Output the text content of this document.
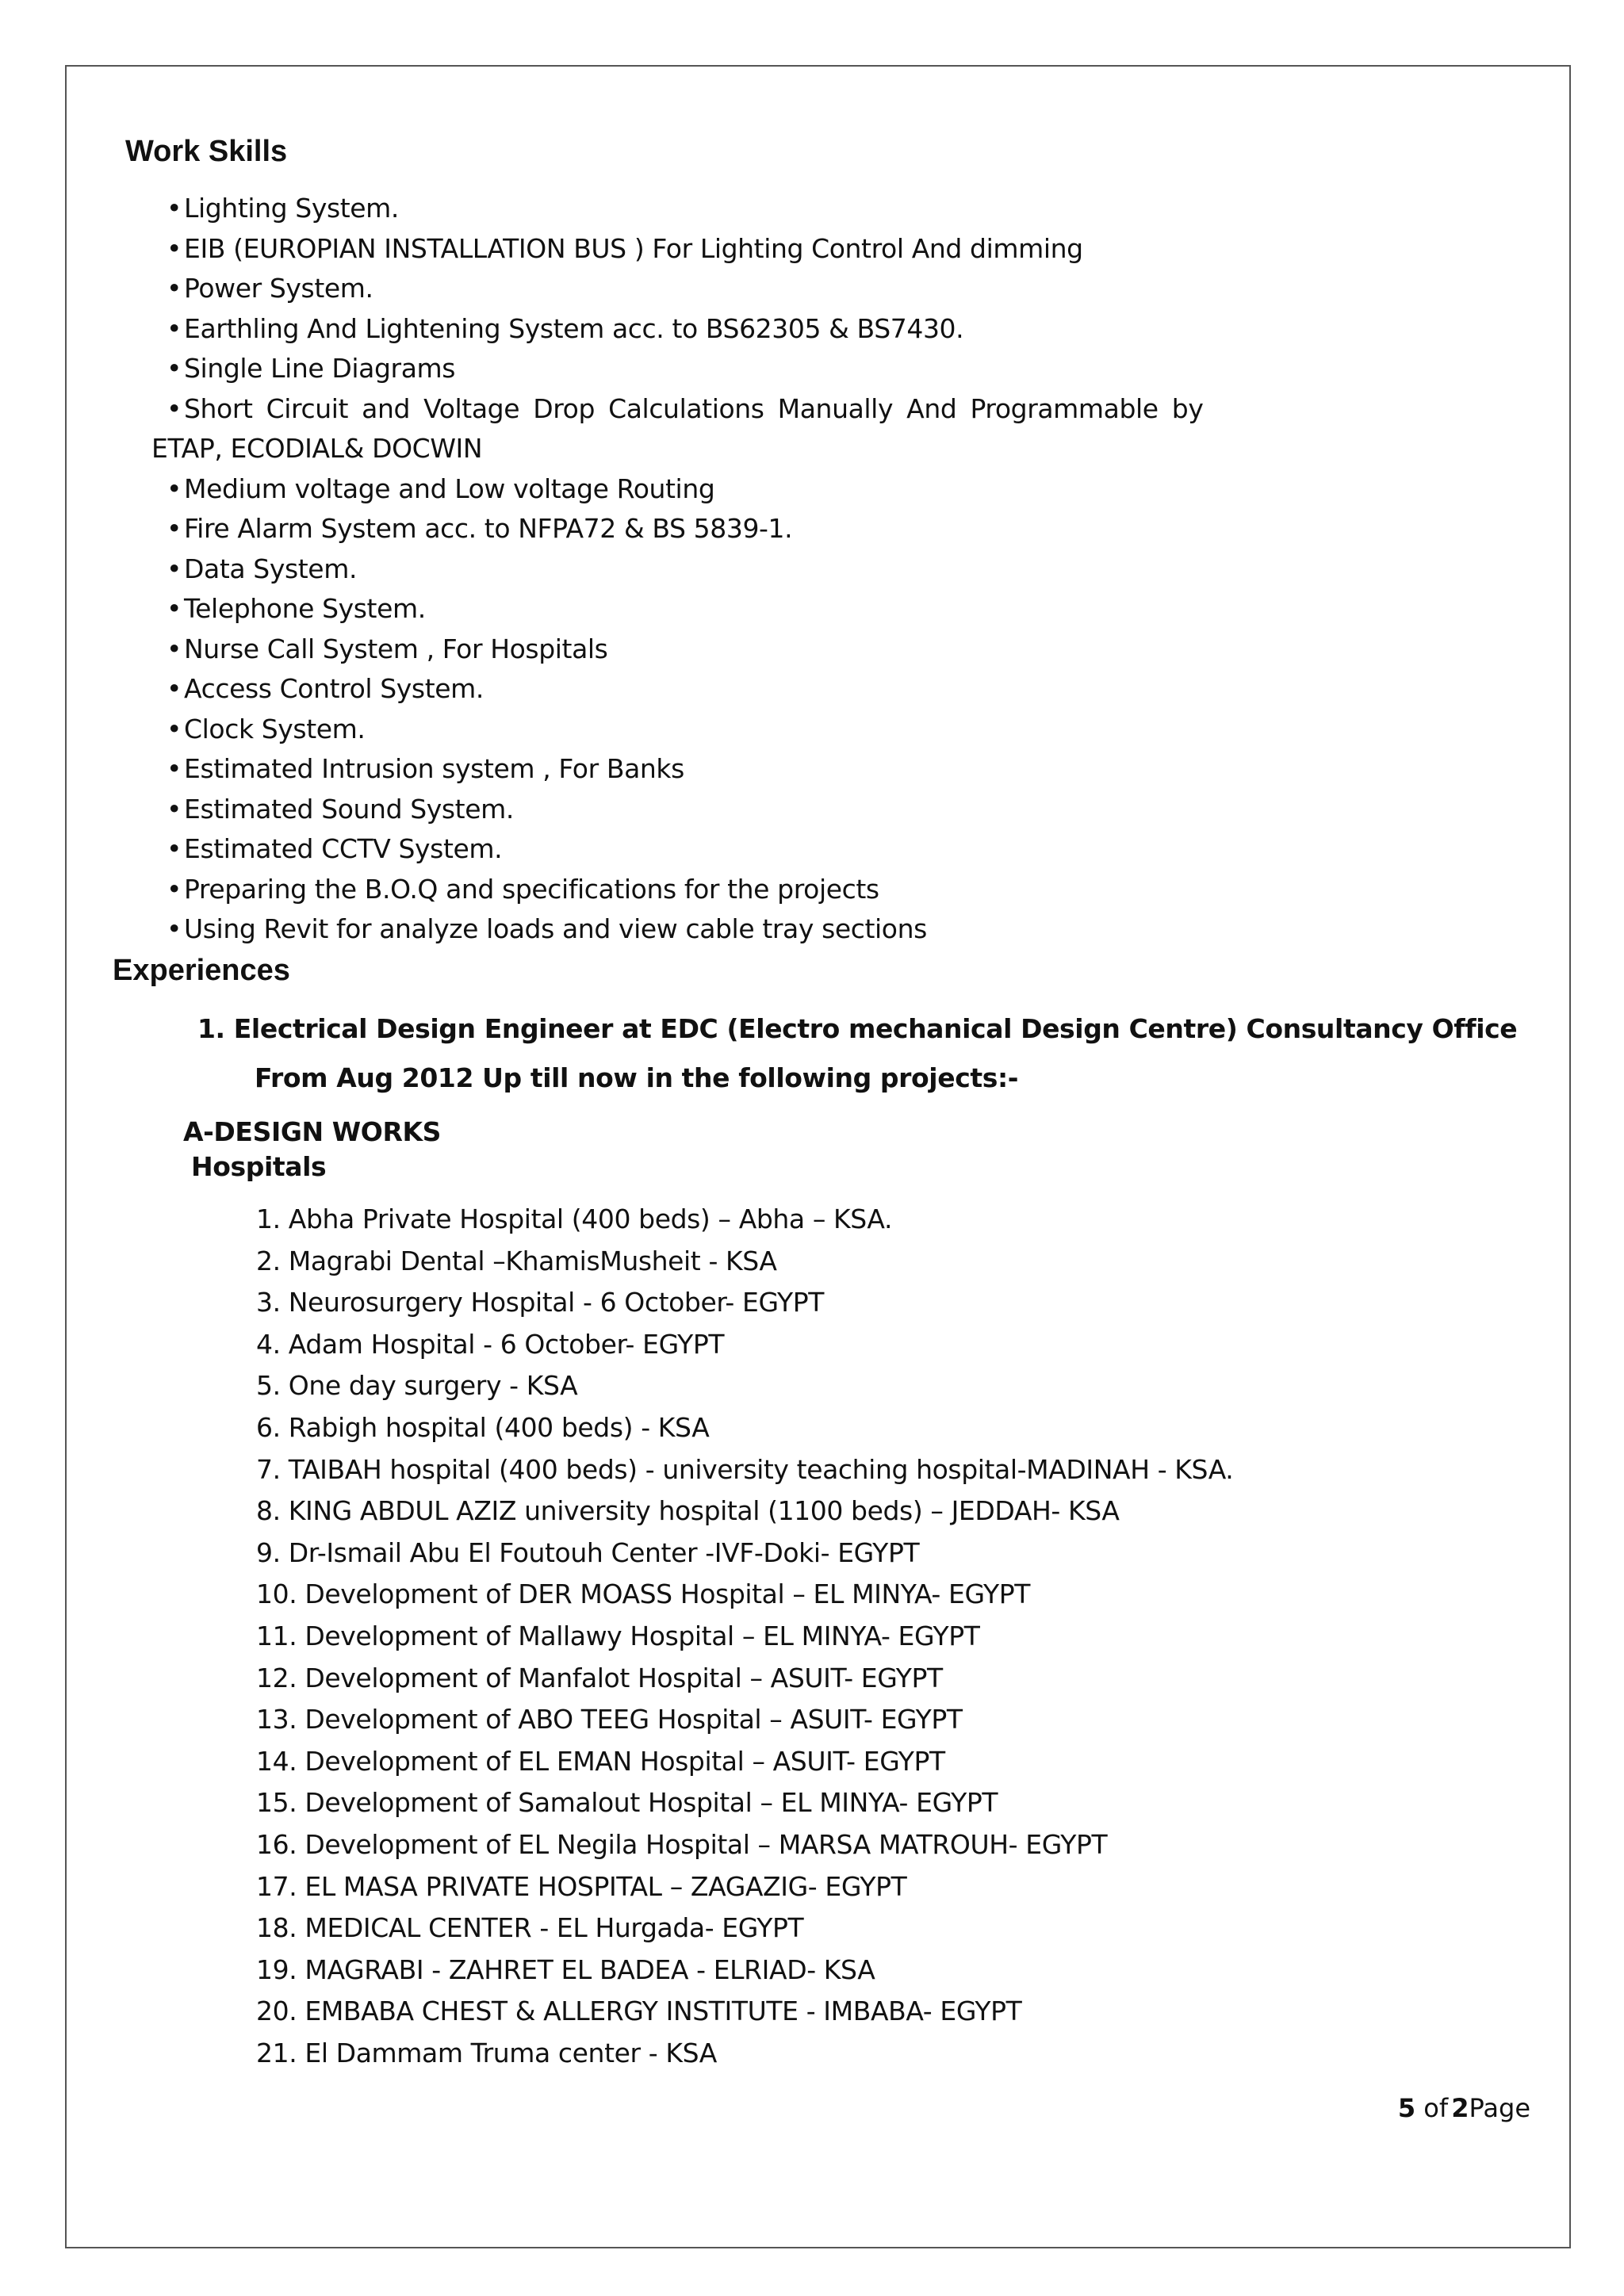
Work Skills
•Lighting System.
•EIB (EUROPIAN INSTALLATION BUS ) For Lighting Control And dimming
•Power System.
•Earthling And Lightening System acc. to BS62305 & BS7430.
•Single Line Diagrams
•Short Circuit and Voltage Drop Calculations Manually And Programmable by
ETAP, ECODIAL& DOCWIN
•Medium voltage and Low voltage Routing
•Fire Alarm System acc. to NFPA72 & BS 5839-1.
•Data System.
•Telephone System.
•Nurse Call System , For Hospitals
•Access Control System.
•Clock System.
•Estimated Intrusion system , For Banks
•Estimated Sound System.
•Estimated CCTV System.
•Preparing the B.O.Q and specifications for the projects
•Using Revit for analyze loads and view cable tray sections
Experiences
1. Electrical Design Engineer at EDC (Electro mechanical Design Centre) Consultancy Office
From Aug 2012 Up till now in the following projects:-
A-DESIGN WORKS
Hospitals
1. Abha Private Hospital (400 beds) – Abha – KSA.
2. Magrabi Dental –KhamisMusheit - KSA
3. Neurosurgery Hospital - 6 October- EGYPT
4. Adam Hospital - 6 October- EGYPT
5. One day surgery - KSA
6. Rabigh hospital (400 beds) - KSA
7. TAIBAH hospital (400 beds) - university teaching hospital-MADINAH - KSA.
8. KING ABDUL AZIZ university hospital (1100 beds) – JEDDAH- KSA
9. Dr-Ismail Abu El Foutouh Center -IVF-Doki- EGYPT
10. Development of DER MOASS Hospital – EL MINYA- EGYPT
11. Development of Mallawy Hospital – EL MINYA- EGYPT
12. Development of Manfalot Hospital – ASUIT- EGYPT
13. Development of ABO TEEG Hospital – ASUIT- EGYPT
14. Development of EL EMAN Hospital – ASUIT- EGYPT
15. Development of Samalout Hospital – EL MINYA- EGYPT
16. Development of EL Negila Hospital – MARSA MATROUH- EGYPT
17. EL MASA PRIVATE HOSPITAL – ZAGAZIG- EGYPT
18. MEDICAL CENTER - EL Hurgada- EGYPT
19. MAGRABI - ZAHRET EL BADEA - ELRIAD- KSA
20. EMBABA CHEST & ALLERGY INSTITUTE - IMBABA- EGYPT
21. El Dammam Truma center - KSA
5 of 2Page
